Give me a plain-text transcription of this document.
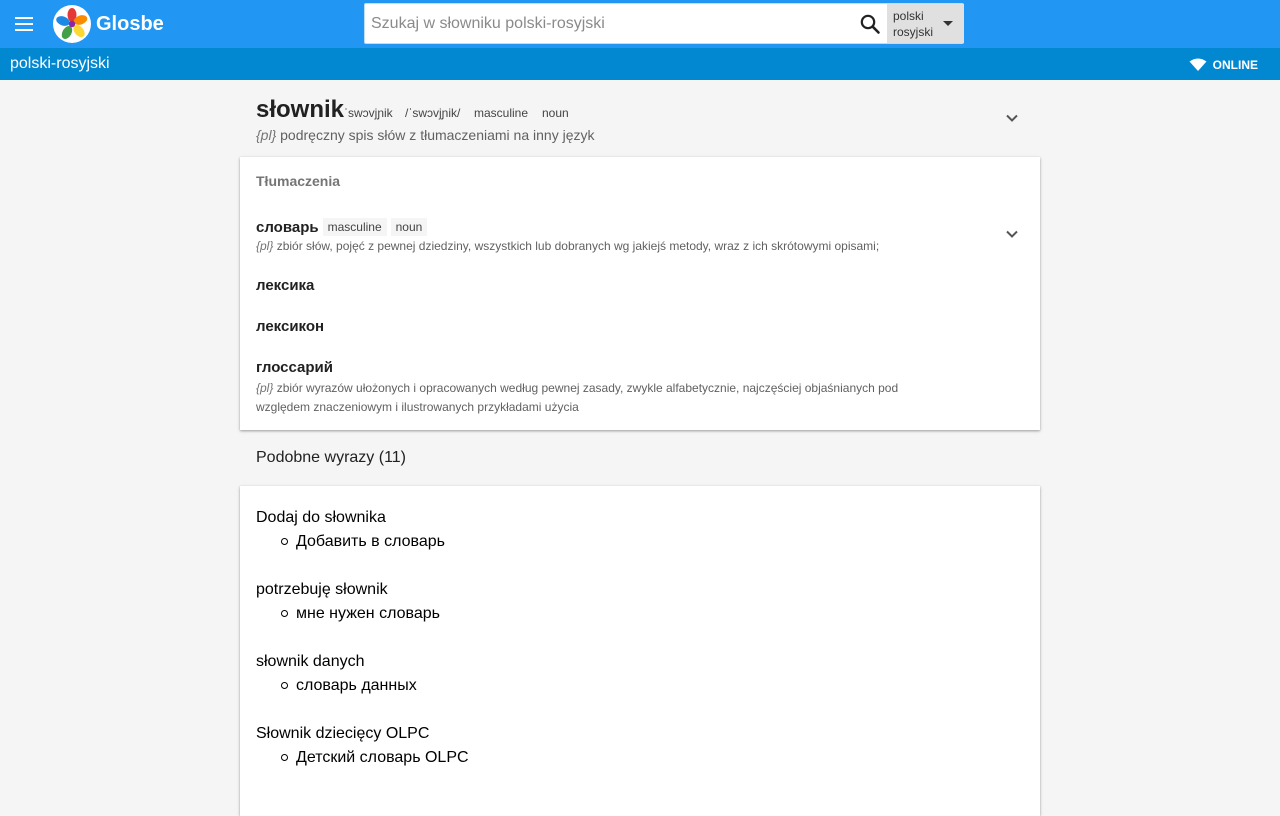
Glosbe
Szukaj w słowniku polski-rosyjski	polski
rosyjski
polski-rosyjski	ONLINE
słownik ˈswɔvjɲik /ˈswɔvjɲik/ masculine noun
{pl} podręczny spis słów z tłumaczeniami na inny język
Tłumaczenia
словарь masculine	noun
{pl} zbiór słów, pojęć z pewnej dziedziny, wszystkich lub dobranych wg jakiejś metody, wraz z ich skrótowymi opisami;
лексика
лексикон
глоссарий
{pl} zbiór wyrazów ułożonych i opracowanych według pewnej zasady, zwykle alfabetycznie, najczęściej objaśnianych pod
względem znaczeniowym i ilustrowanych przykładami użycia
Podobne wyrazy (11)
Dodaj do słownika
Добавить в словарь
potrzebuję słownik
мне нужен словарь
słownik danych
словарь данных
Słownik dziecięcy OLPC
Детский словарь OLPC
